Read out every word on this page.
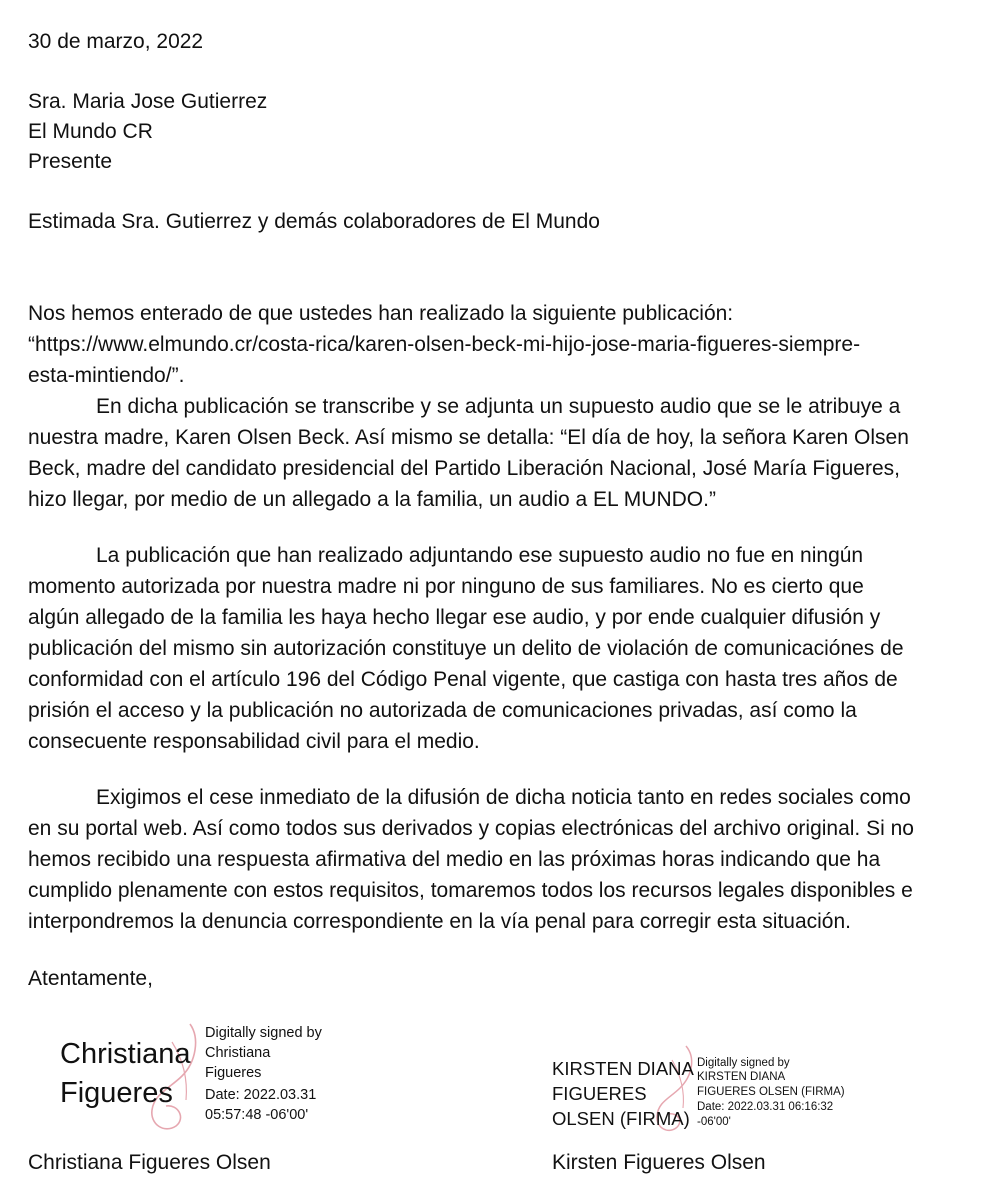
30 de marzo, 2022
Sra. Maria Jose Gutierrez
El Mundo CR
Presente
Estimada Sra. Gutierrez y demás colaboradores de El Mundo
Nos hemos enterado de que ustedes han realizado la siguiente publicación:
“https://www.elmundo.cr/costa-rica/karen-olsen-beck-mi-hijo-jose-maria-figueres-siempre-
esta-mintiendo/”.
En dicha publicación se transcribe y se adjunta un supuesto audio que se le atribuye a
nuestra madre, Karen Olsen Beck. Así mismo se detalla: “El día de hoy, la señora Karen Olsen
Beck, madre del candidato presidencial del Partido Liberación Nacional, José María Figueres,
hizo llegar, por medio de un allegado a la familia, un audio a EL MUNDO.”
La publicación que han realizado adjuntando ese supuesto audio no fue en ningún
momento autorizada por nuestra madre ni por ninguno de sus familiares. No es cierto que
algún allegado de la familia les haya hecho llegar ese audio, y por ende cualquier difusión y
publicación del mismo sin autorización constituye un delito de violación de comunicaciónes de
conformidad con el artículo 196 del Código Penal vigente, que castiga con hasta tres años de
prisión el acceso y la publicación no autorizada de comunicaciones privadas, así como la
consecuente responsabilidad civil para el medio.
Exigimos el cese inmediato de la difusión de dicha noticia tanto en redes sociales como
en su portal web. Así como todos sus derivados y copias electrónicas del archivo original. Si no
hemos recibido una respuesta afirmativa del medio en las próximas horas indicando que ha
cumplido plenamente con estos requisitos, tomaremos todos los recursos legales disponibles e
interpondremos la denuncia correspondiente en la vía penal para corregir esta situación.
Atentamente,
Christiana
Figueres
Digitally signed by
Christiana
Figueres
Date: 2022.03.31
05:57:48 -06'00'
Christiana Figueres Olsen
KIRSTEN DIANA
FIGUERES
OLSEN (FIRMA)
Digitally signed by
KIRSTEN DIANA
FIGUERES OLSEN (FIRMA)
Date: 2022.03.31 06:16:32
-06'00'
Kirsten Figueres Olsen
